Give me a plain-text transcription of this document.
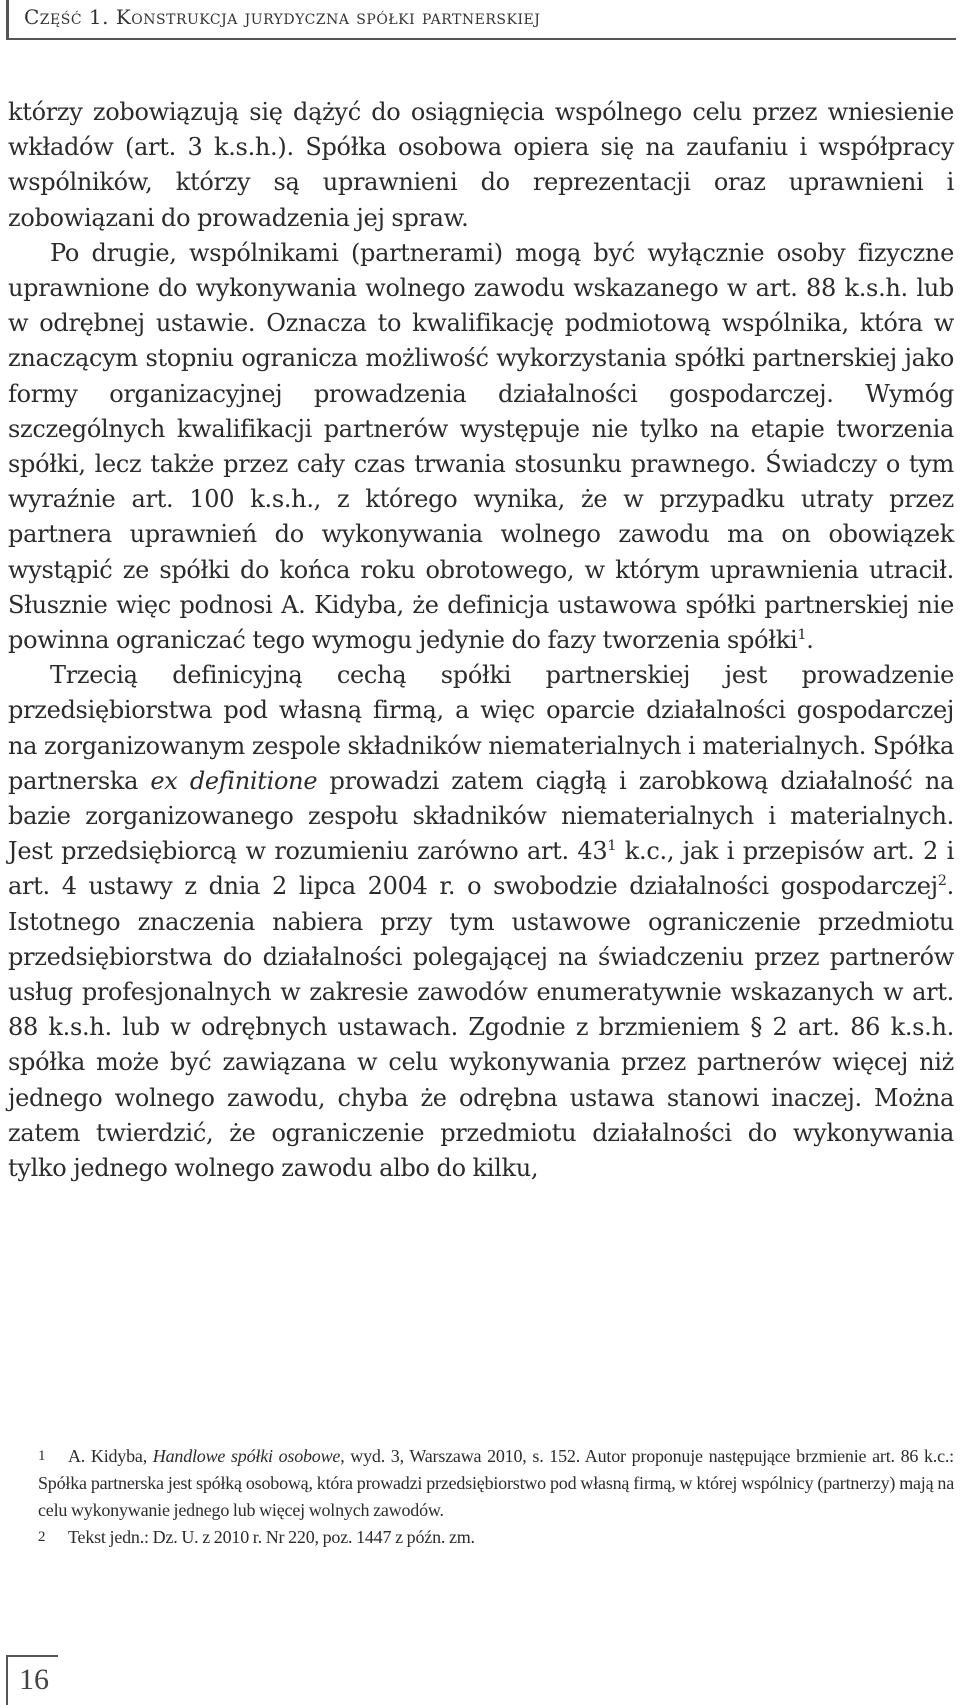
Część 1. Konstrukcja jurydyczna spółki partnerskiej

którzy zobowiązują się dążyć do osiągnięcia wspólnego celu przez wniesienie wkładów (art. 3 k.s.h.). Spółka osobowa opiera się na zaufaniu i współpracy wspólników, którzy są uprawnieni do reprezentacji oraz uprawnieni i zobowiązani do prowadzenia jej spraw.

Po drugie, wspólnikami (partnerami) mogą być wyłącznie osoby fizyczne uprawnione do wykonywania wolnego zawodu wskazanego w art. 88 k.s.h. lub w odrębnej ustawie. Oznacza to kwalifikację podmiotową wspólnika, która w znaczącym stopniu ogranicza możliwość wykorzystania spółki partnerskiej jako formy organizacyjnej prowadzenia działalności gospodarczej. Wymóg szczególnych kwalifikacji partnerów występuje nie tylko na etapie tworzenia spółki, lecz także przez cały czas trwania stosunku prawnego. Świadczy o tym wyraźnie art. 100 k.s.h., z którego wynika, że w przypadku utraty przez partnera uprawnień do wykonywania wolnego zawodu ma on obowiązek wystąpić ze spółki do końca roku obrotowego, w którym uprawnienia utracił. Słusznie więc podnosi A. Kidyba, że definicja ustawowa spółki partnerskiej nie powinna ograniczać tego wymogu jedynie do fazy tworzenia spółki$^1$.

Trzecią definicyjną cechą spółki partnerskiej jest prowadzenie przedsiębiorstwa pod własną firmą, a więc oparcie działalności gospodarczej na zorganizowanym zespole składników niematerialnych i materialnych. Spółka partnerska ex definitione prowadzi zatem ciągłą i zarobkową działalność na bazie zorganizowanego zespołu składników niematerialnych i materialnych. Jest przedsiębiorcą w rozumieniu zarówno art. $43^1$ k.c., jak i przepisów art. 2 i art. 4 ustawy z dnia 2 lipca 2004 r. o swobodzie działalności gospodarczej$^2$. Istotnego znaczenia nabiera przy tym ustawowe ograniczenie przedmiotu przedsiębiorstwa do działalności polegającej na świadczeniu przez partnerów usług profesjonalnych w zakresie zawodów enumeratywnie wskazanych w art. 88 k.s.h. lub w odrębnych ustawach. Zgodnie z brzmieniem § 2 art. 86 k.s.h. spółka może być zawiązana w celu wykonywania przez partnerów więcej niż jednego wolnego zawodu, chyba że odrębna ustawa stanowi inaczej. Można zatem twierdzić, że ograniczenie przedmiotu działalności do wykonywania tylko jednego wolnego zawodu albo do kilku,

1 A. Kidyba, Handlowe spółki osobowe, wyd. 3, Warszawa 2010, s. 152. Autor proponuje następujące brzmienie art. 86 k.c.: Spółka partnerska jest spółką osobową, która prowadzi przedsiębiorstwo pod własną firmą, w której wspólnicy (partnerzy) mają na celu wykonywanie jednego lub więcej wolnych zawodów.

2 Tekst jedn.: Dz. U. z 2010 r. Nr 220, poz. 1447 z późn. zm.

16
